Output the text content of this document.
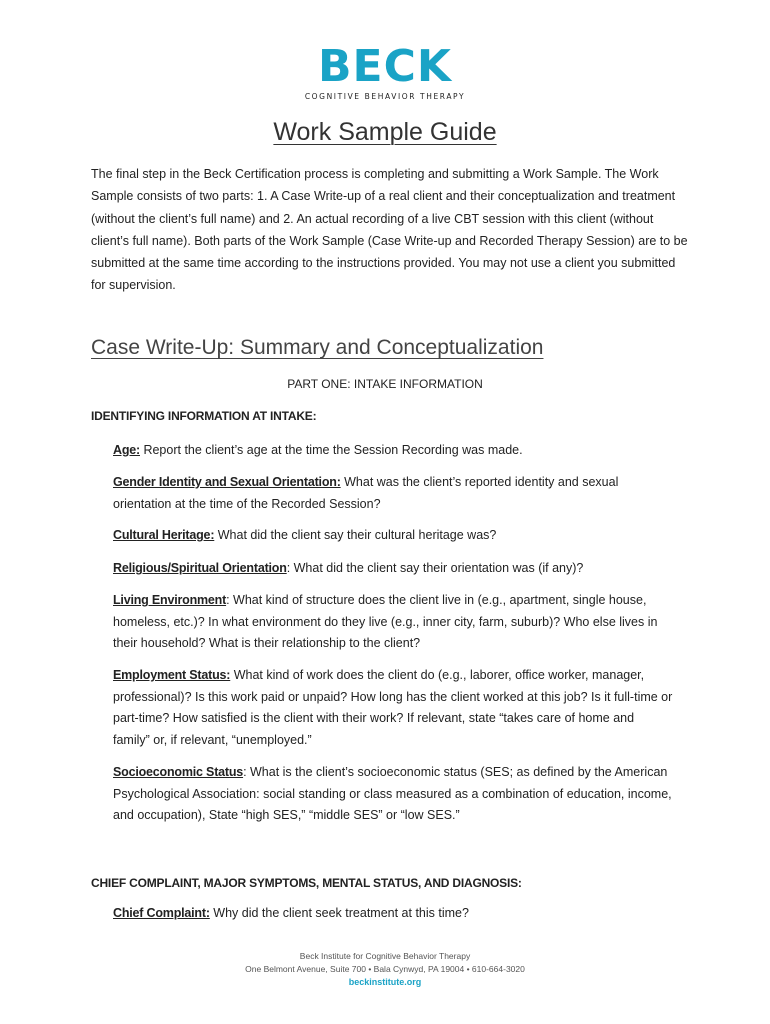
BECK
COGNITIVE BEHAVIOR THERAPY
Work Sample Guide
The final step in the Beck Certification process is completing and submitting a Work Sample. The Work Sample consists of two parts: 1. A Case Write-up of a real client and their conceptualization and treatment (without the client’s full name) and 2. An actual recording of a live CBT session with this client (without client’s full name). Both parts of the Work Sample (Case Write-up and Recorded Therapy Session) are to be submitted at the same time according to the instructions provided. You may not use a client you submitted for supervision.
Case Write-Up: Summary and Conceptualization
PART ONE: INTAKE INFORMATION
IDENTIFYING INFORMATION AT INTAKE:
Age: Report the client’s age at the time the Session Recording was made.
Gender Identity and Sexual Orientation: What was the client’s reported identity and sexual orientation at the time of the Recorded Session?
Cultural Heritage: What did the client say their cultural heritage was?
Religious/Spiritual Orientation: What did the client say their orientation was (if any)?
Living Environment: What kind of structure does the client live in (e.g., apartment, single house, homeless, etc.)? In what environment do they live (e.g., inner city, farm, suburb)? Who else lives in their household? What is their relationship to the client?
Employment Status: What kind of work does the client do (e.g., laborer, office worker, manager, professional)? Is this work paid or unpaid? How long has the client worked at this job? Is it full-time or part-time? How satisfied is the client with their work? If relevant, state “takes care of home and family” or, if relevant, “unemployed.”
Socioeconomic Status: What is the client’s socioeconomic status (SES; as defined by the American Psychological Association: social standing or class measured as a combination of education, income, and occupation), State “high SES,” “middle SES” or “low SES.”
CHIEF COMPLAINT, MAJOR SYMPTOMS, MENTAL STATUS, AND DIAGNOSIS:
Chief Complaint: Why did the client seek treatment at this time?
Beck Institute for Cognitive Behavior Therapy
One Belmont Avenue, Suite 700 • Bala Cynwyd, PA 19004 • 610-664-3020
beckinstitute.org
